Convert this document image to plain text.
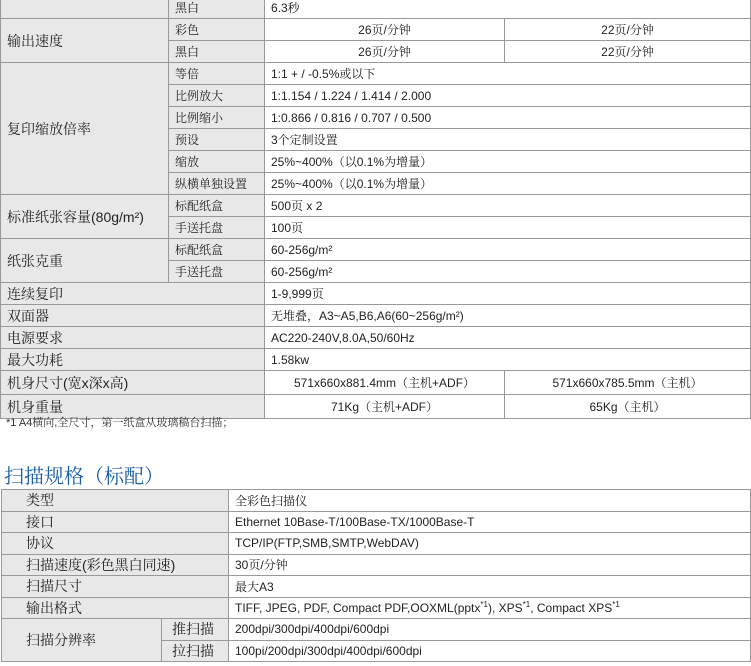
	黑白	6.3秒	
输出速度	彩色	26页/分钟	22页/分钟
	黑白	26页/分钟	22页/分钟
复印缩放倍率	等倍	1:1 + / -0.5%或以下	
	比例放大	1:1.154 / 1.224 / 1.414 / 2.000	
	比例缩小	1:0.866 / 0.816 / 0.707 / 0.500	
	预设	3个定制设置	
	缩放	25%~400%（以0.1%为增量）	
	纵横单独设置	25%~400%（以0.1%为增量）	
标准纸张容量(80g/m²)	标配纸盒	500页 x 2	
	手送托盘	100页	
纸张克重	标配纸盒	60-256g/m²	
	手送托盘	60-256g/m²	
连续复印		1-9,999页	
双面器		无堆叠，A3~A5,B6,A6(60~256g/m²)	
电源要求		AC220-240V,8.0A,50/60Hz	
最大功耗		1.58kw	
机身尺寸(宽x深x高)		571x660x881.4mm（主机+ADF）	571x660x785.5mm（主机）
机身重量		71Kg（主机+ADF）	65Kg（主机）
*1 A4横向,全尺寸，第一纸盒从玻璃稿台扫描；
扫描规格（标配）
类型		全彩色扫描仪
接口		Ethernet 10Base-T/100Base-TX/1000Base-T
协议		TCP/IP(FTP,SMB,SMTP,WebDAV)
扫描速度(彩色黑白同速)		30页/分钟
扫描尺寸		最大A3
输出格式		TIFF, JPEG, PDF, Compact PDF,OOXML(pptx$^{*1}$), XPS$^{*1}$, Compact XPS$^{*1}$
扫描分辨率	推扫描	200dpi/300dpi/400dpi/600dpi
	拉扫描	100pi/200dpi/300dpi/400dpi/600dpi
